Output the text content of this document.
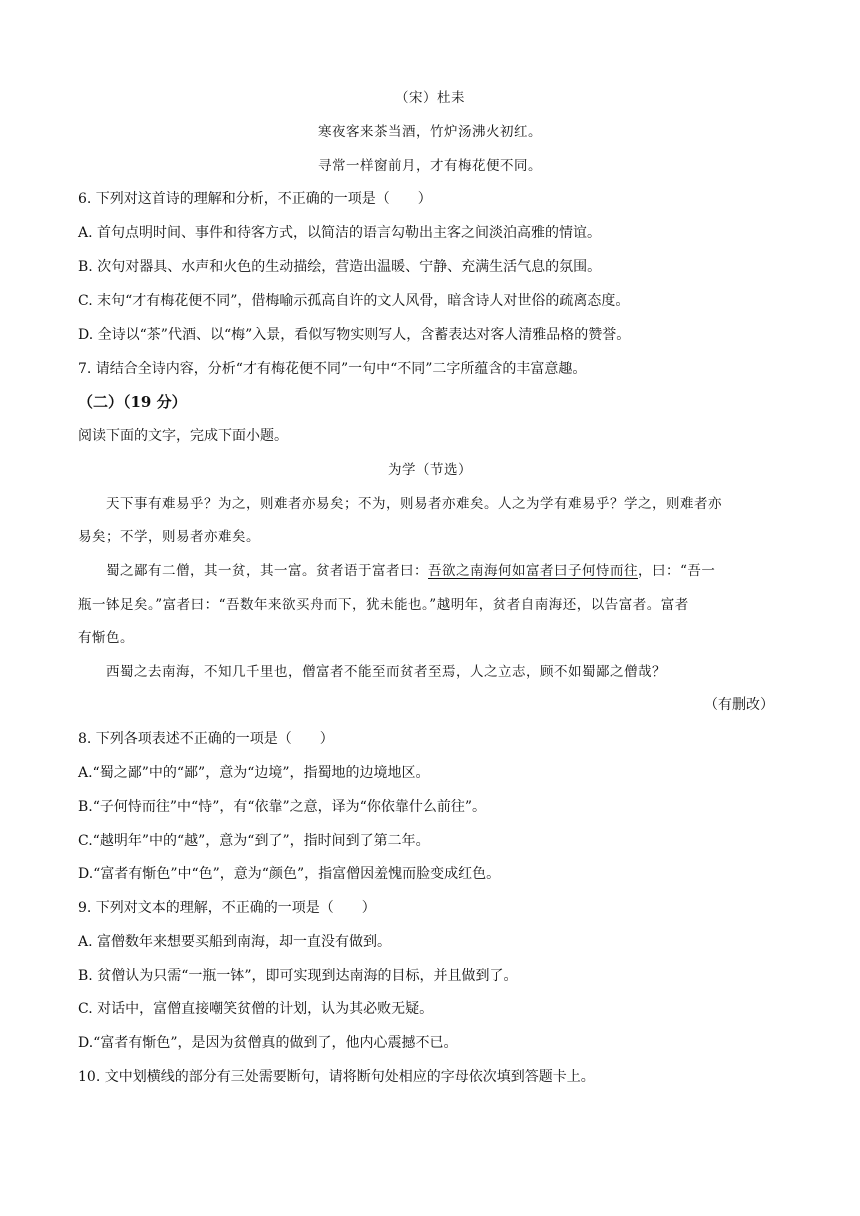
（宋）杜耒
寒夜客来茶当酒，竹炉汤沸火初红。
寻常一样窗前月，才有梅花便不同。
6. 下列对这首诗的理解和分析，不正确的一项是（　　）
A. 首句点明时间、事件和待客方式，以简洁的语言勾勒出主客之间淡泊高雅的情谊。
B. 次句对器具、水声和火色的生动描绘，营造出温暖、宁静、充满生活气息的氛围。
C. 末句“才有梅花便不同”，借梅喻示孤高自许的文人风骨，暗含诗人对世俗的疏离态度。
D. 全诗以“茶”代酒、以“梅”入景，看似写物实则写人，含蓄表达对客人清雅品格的赞誉。
7. 请结合全诗内容，分析“才有梅花便不同”一句中“不同”二字所蕴含的丰富意趣。
（二）（19 分）
阅读下面的文字，完成下面小题。
为学（节选）
天下事有难易乎？为之，则难者亦易矣；不为，则易者亦难矣。人之为学有难易乎？学之，则难者亦
易矣；不学，则易者亦难矣。
蜀之鄙有二僧，其一贫，其一富。贫者语于富者曰：吾欲之南海何如富者曰子何恃而往，曰：“吾一
瓶一钵足矣。”富者曰：“吾数年来欲买舟而下，犹未能也。”越明年，贫者自南海还，以告富者。富者
有惭色。
西蜀之去南海，不知几千里也，僧富者不能至而贫者至焉，人之立志，顾不如蜀鄙之僧哉？
（有删改）
8. 下列各项表述不正确的一项是（　　）
A.“蜀之鄙”中的“鄙”，意为“边境”，指蜀地的边境地区。
B.“子何恃而往”中“恃”，有“依靠”之意，译为“你依靠什么前往”。
C.“越明年”中的“越”，意为“到了”，指时间到了第二年。
D.“富者有惭色”中“色”，意为“颜色”，指富僧因羞愧而脸变成红色。
9. 下列对文本的理解，不正确的一项是（　　）
A. 富僧数年来想要买船到南海，却一直没有做到。
B. 贫僧认为只需“一瓶一钵”，即可实现到达南海的目标，并且做到了。
C. 对话中，富僧直接嘲笑贫僧的计划，认为其必败无疑。
D.“富者有惭色”，是因为贫僧真的做到了，他内心震撼不已。
10. 文中划横线的部分有三处需要断句，请将断句处相应的字母依次填到答题卡上。
